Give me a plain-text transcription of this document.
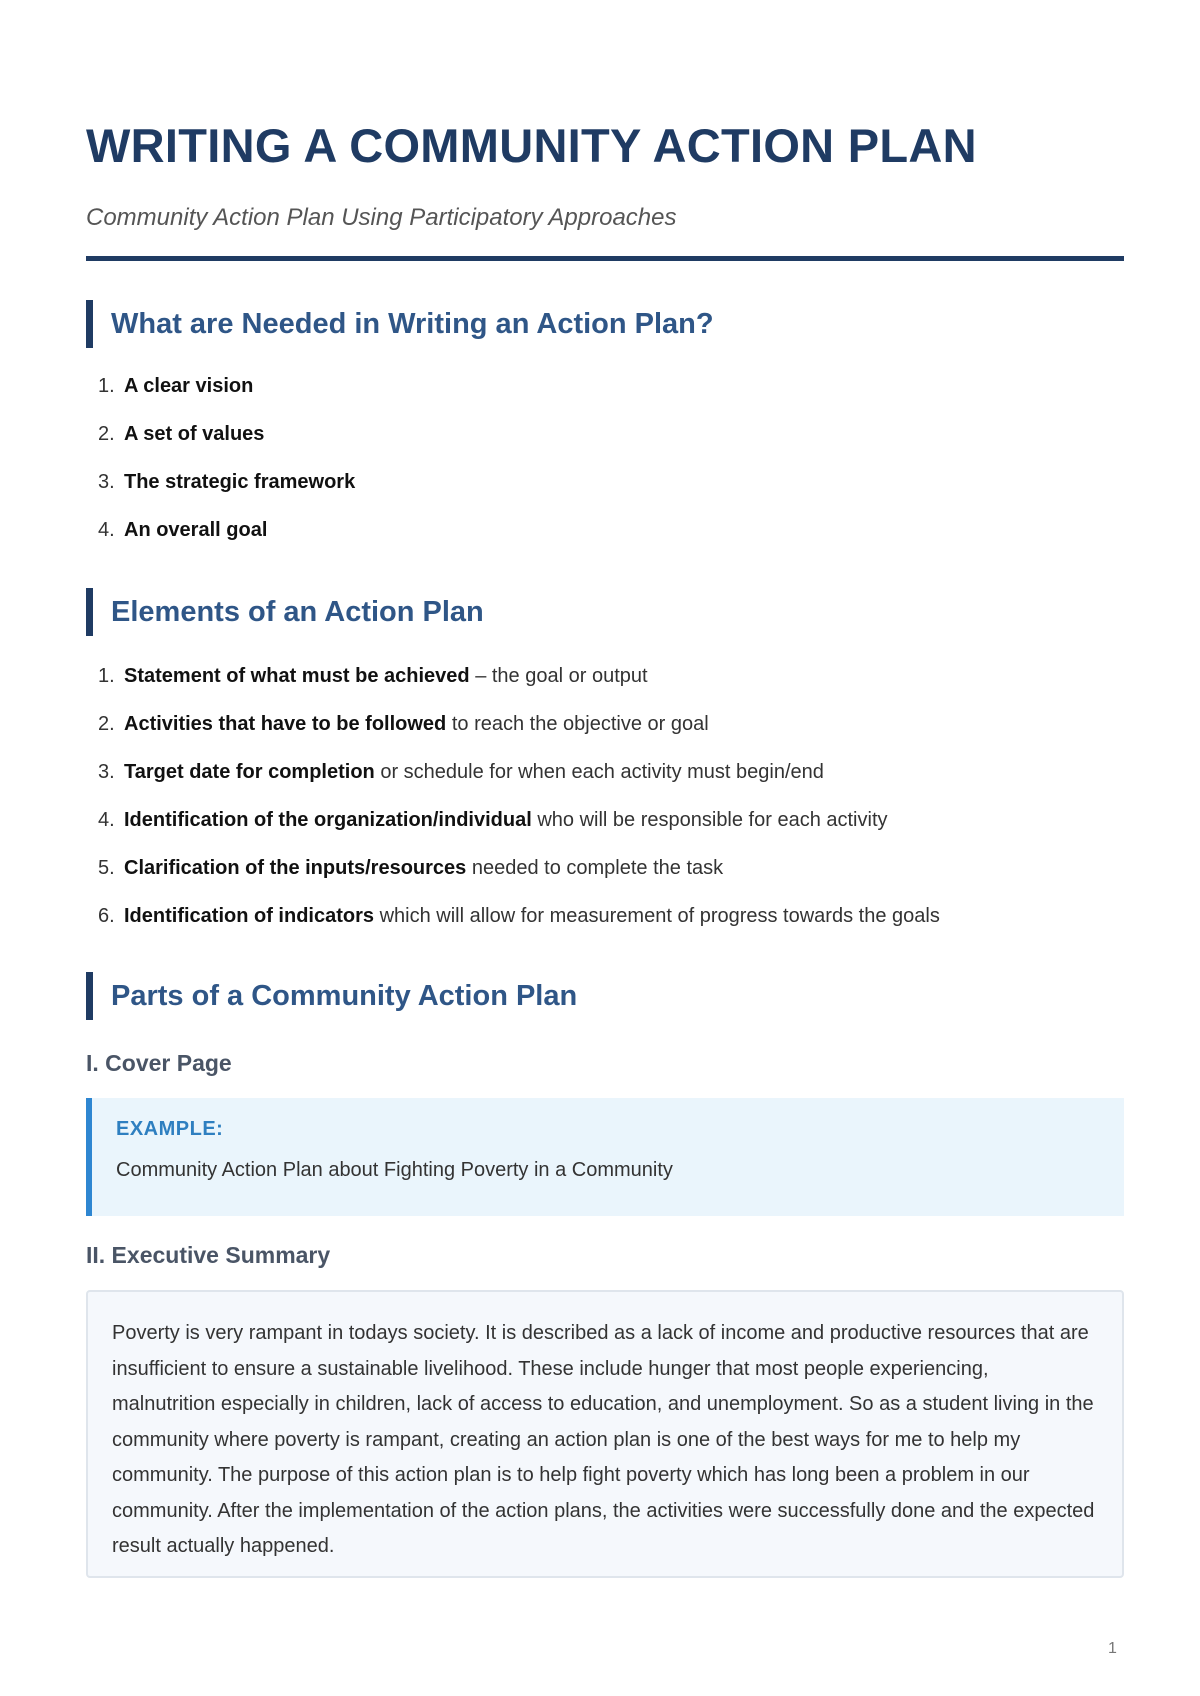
WRITING A COMMUNITY ACTION PLAN

Community Action Plan Using Participatory Approaches

What are Needed in Writing an Action Plan?
1. A clear vision
2. A set of values
3. The strategic framework
4. An overall goal
Elements of an Action Plan
1. Statement of what must be achieved – the goal or output
2. Activities that have to be followed to reach the objective or goal
3. Target date for completion or schedule for when each activity must begin/end
4. Identification of the organization/individual who will be responsible for each activity
5. Clarification of the inputs/resources needed to complete the task
6. Identification of indicators which will allow for measurement of progress towards the goals
Parts of a Community Action Plan
I. Cover Page
EXAMPLE:
Community Action Plan about Fighting Poverty in a Community
II. Executive Summary
Poverty is very rampant in todays society. It is described as a lack of income and productive resources that are insufficient to ensure a sustainable livelihood. These include hunger that most people experiencing, malnutrition especially in children, lack of access to education, and unemployment. So as a student living in the community where poverty is rampant, creating an action plan is one of the best ways for me to help my community. The purpose of this action plan is to help fight poverty which has long been a problem in our community. After the implementation of the action plans, the activities were successfully done and the expected result actually happened.
1
